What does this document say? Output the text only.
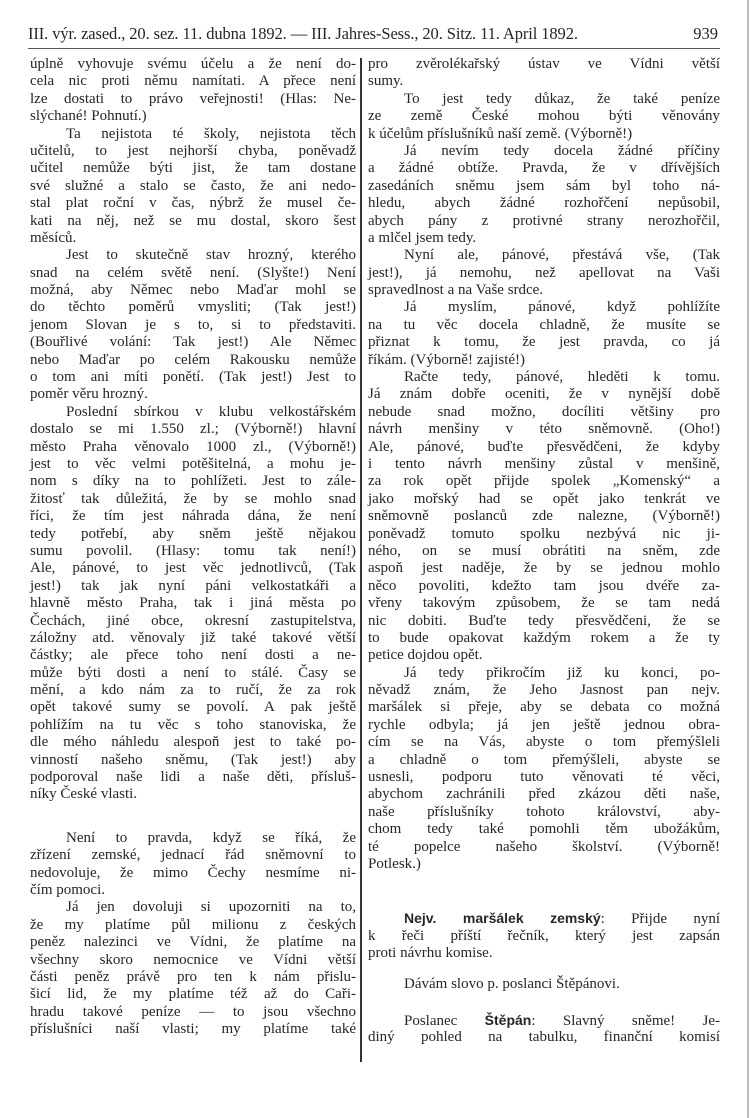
III. výr. zased., 20. sez. 11. dubna 1892. — III. Jahres-Sess., 20. Sitz. 11. April 1892.	939
úplně vyhovuje svému účelu a že není do-
cela nic proti němu namítati. A přece není
lze dostati to právo veřejnosti! (Hlas: Ne-
slýchané! Pohnutí.)
Ta nejistota té školy, nejistota těch
učitelů, to jest nejhorší chyba, poněvadž
učitel nemůže býti jist, že tam dostane
své služné a stalo se často, že ani nedo-
stal plat roční v čas, nýbrž že musel če-
kati na něj, než se mu dostal, skoro šest
měsíců.
Jest to skutečně stav hrozný, kterého
snad na celém světě není. (Slyšte!) Není
možná, aby Němec nebo Maďar mohl se
do těchto poměrů vmysliti; (Tak jest!)
jenom Slovan je s to, si to představiti.
(Bouřlivé volání: Tak jest!) Ale Němec
nebo Maďar po celém Rakousku nemůže
o tom ani míti ponětí. (Tak jest!) Jest to
poměr věru hrozný.
Poslední sbírkou v klubu velkostářském
dostalo se mi 1.550 zl.; (Výborně!) hlavní
město Praha věnovalo 1000 zl., (Výborně!)
jest to věc velmi potěšitelná, a mohu je-
nom s díky na to pohlížeti. Jest to zále-
žitosť tak důležitá, že by se mohlo snad
říci, že tím jest náhrada dána, že není
tedy potřebí, aby sněm ještě nějakou
sumu povolil. (Hlasy: tomu tak není!)
Ale, pánové, to jest věc jednotlivců, (Tak
jest!) tak jak nyní páni velkostatkáři a
hlavně město Praha, tak i jiná města po
Čechách, jiné obce, okresní zastupitelstva,
záložny atd. věnovaly již také takové větší
částky; ale přece toho není dosti a ne-
může býti dosti a není to stálé. Časy se
mění, a kdo nám za to ručí, že za rok
opět takové sumy se povolí. A pak ještě
pohlížím na tu věc s toho stanoviska, že
dle mého náhledu alespoň jest to také po-
vinností našeho sněmu, (Tak jest!) aby
podporoval naše lidi a naše děti, přísluš-
níky České vlasti.
Není to pravda, když se říká, že
zřízení zemské, jednací řád sněmovní to
nedovoluje, že mimo Čechy nesmíme ni-
čím pomoci.
Já jen dovoluji si upozorniti na to,
že my platíme půl milionu z českých
peněz nalezinci ve Vídni, že platíme na
všechny skoro nemocnice ve Vídni větší
části peněz právě pro ten k nám přislu-
šicí lid, že my platíme též až do Caři-
hradu takové peníze — to jsou všechno
příslušníci naší vlasti; my platíme také
pro zvěrolékařský ústav ve Vídni větší
sumy.
To jest tedy důkaz, že také peníze
ze země České mohou býti věnovány
k účelům příslušníků naší země. (Výborně!)
Já nevím tedy docela žádné příčiny
a žádné obtíže. Pravda, že v dřívějších
zasedáních sněmu jsem sám byl toho ná-
hledu, abych žádné rozhořčení nepůsobil,
abych pány z protivné strany nerozhořčil,
a mlčel jsem tedy.
Nyní ale, pánové, přestává vše, (Tak
jest!), já nemohu, než apellovat na Vaši
spravedlnost a na Vaše srdce.
Já myslím, pánové, když pohlížíte
na tu věc docela chladně, že musíte se
přiznat k tomu, že jest pravda, co já
říkám. (Výborně! zajisté!)
Račte tedy, pánové, hleděti k tomu.
Já znám dobře oceniti, že v nynější době
nebude snad možno, docíliti většiny pro
návrh menšiny v této sněmovně. (Oho!)
Ale, pánové, buďte přesvědčeni, že kdyby
i tento návrh menšiny zůstal v menšině,
za rok opět přijde spolek „Komenský“ a
jako mořský had se opět jako tenkrát ve
sněmovně poslanců zde nalezne, (Výborně!)
poněvadž tomuto spolku nezbývá nic ji-
ného, on se musí obrátiti na sněm, zde
aspoň jest naděje, že by se jednou mohlo
něco povoliti, kdežto tam jsou dvéře za-
vřeny takovým způsobem, že se tam nedá
nic dobiti. Buďte tedy přesvědčeni, že se
to bude opakovat každým rokem a že ty
petice dojdou opět.
Já tedy přikročím již ku konci, po-
něvadž znám, že Jeho Jasnost pan nejv.
maršálek si přeje, aby se debata co možná
rychle odbyla; já jen ještě jednou obra-
cím se na Vás, abyste o tom přemýšleli
a chladně o tom přemýšleli, abyste se
usnesli, podporu tuto věnovati té věci,
abychom zachránili před zkázou děti naše,
naše příslušníky tohoto království, aby-
chom tedy také pomohli těm ubožákům,
té popelce našeho školství. (Výborně!
Potlesk.)
Nejv. maršálek zemský: Přijde nyní
k řeči příští řečník, který jest zapsán
proti návrhu komise.
Dávám slovo p. poslanci Štěpánovi.
Poslanec Štěpán: Slavný sněme! Je-
diný pohled na tabulku, finanční komisí
